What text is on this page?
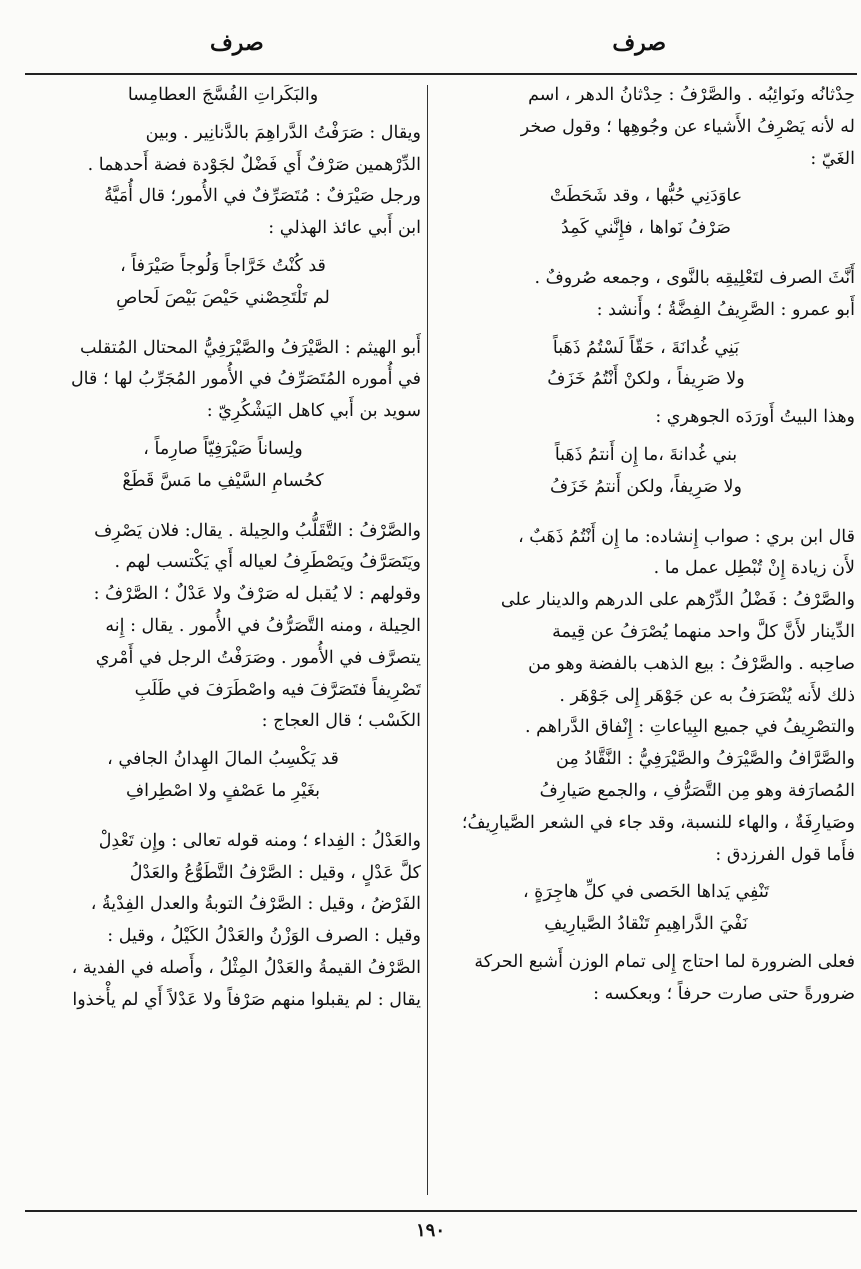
صرف
صرف

حِدْثانُه ونَوائِبُه . والصَّرْفُ : حِدْثانُ الدهر ، اسم

له لأنه يَصْرِفُ الأَشياء عن وجُوهِها ؛ وقول صخر

الغَيّ :

عاوَدَنِي حُبُّها ، وقد شَحَطَتْ

صَرْفُ نَواها ، فإِنَّني كَمِدُ

أَنَّثَ الصرف لتَعْلِيقِه بالنَّوى ، وجمعه صُروفٌ .

أَبو عمرو : الصَّرِيفُ الفِضَّةُ ؛ وأَنشد :

بَنِي غُدانَةَ ، حَقّاً لَسْتُمُ ذَهَباً

ولا صَرِيفاً ، ولكنْ أَنْتُمُ خَزَفُ

وهذا البيتُ أَورَدَه الجوهري :

بني غُدانةَ ،ما إِن أَنتمُ ذَهَباً

ولا صَرِيفاً، ولكن أَنتمُ خَزَفُ

قال ابن بري : صواب إِنشاده: ما إِن أَنْتُمُ ذَهَبٌ ،

لأَن زيادة إِنْ تُبْطِل عمل ما .

والصَّرْفُ : فَضْلُ الدِّرْهم على الدرهم والدينار على

الدِّينار لأَنَّ كلَّ واحد منهما يُصْرَفُ عن قِيمة

صاحِبه . والصَّرْفُ : بيع الذهب بالفضة وهو من

ذلك لأَنه يُنْصَرَفُ به عن جَوْهَر إِلى جَوْهَر .

والتصْرِيفُ في جميع البِياعاتِ : إِنْفاق الدَّراهم .

والصَّرَّافُ والصَّيْرَفُ والصَّيْرَفِيُّ : النَّقَّادُ مِن

المُصارَفة وهو مِن التَّصَرُّفِ ، والجمع صَيارِفُ

وصَيارِفَةٌ ، والهاء للنسبة، وقد جاء في الشعر الصَّيارِيفُ؛

فأَما قول الفرزدق :

تَنْفِي يَداها الحَصى في كلِّ هاجِرَةٍ ،

نَفْيَ الدَّراهِيمِ تَنْقادُ الصَّيارِيفِ

فعلى الضرورة لما احتاج إِلى تمام الوزن أَشبع الحركة

ضرورةً حتى صارت حرفاً ؛ وبعكسه :

والبَكَراتِ الفُسَّجَ العطامِسا

ويقال : صَرَفْتُ الدَّراهِمَ بالدَّنانِير . وبين

الدِّرْهمين صَرْفٌ أَي فَضْلٌ لجَوْدة فضة أَحدهما .

ورجل صَيْرَفٌ : مُتَصَرِّفٌ في الأُمور؛ قال أُمَيَّةُ

ابن أَبي عائذ الهذلي :

قد كُنْتُ خَرَّاجاً وَلُوجاً صَيْرَفاً ،

لم تَلْتَحِصْني حَيْصَ بَيْصَ لَحاصِ

أَبو الهيثم : الصَّيْرَفُ والصَّيْرَفِيُّ المحتال المُتقلب

في أُموره المُتَصَرِّفُ في الأُمور المُجَرِّبُ لها ؛ قال

سويد بن أَبي كاهل اليَشْكُرِيّ :

ولِساناً صَيْرَفِيّاً صارِماً ،

كحُسامِ السَّيْفِ ما مَسَّ قَطَعْ

والصَّرْفُ : التَّقَلُّبُ والحِيلة . يقال: فلان يَصْرِف

ويَتَصَرَّفُ ويَصْطَرِفُ لعياله أَي يَكْتسب لهم .

وقولهم : لا يُقبل له صَرْفٌ ولا عَدْلٌ ؛ الصَّرْفُ :

الحِيلة ، ومنه التَّصَرُّفُ في الأُمور . يقال : إِنه

يتصرَّف في الأُمور . وصَرَفْتُ الرجل في أَمْري

تَصْرِيفاً فتَصَرَّفَ فيه واصْطَرَفَ في طَلَبِ

الكَسْب ؛ قال العجاج :

قد يَكْسِبُ المالَ الهِدانُ الجافي ،

بغَيْرِ ما عَصْفٍ ولا اصْطِرافِ

والعَدْلُ : الفِداء ؛ ومنه قوله تعالى : وإِن تَعْدِلْ

كلَّ عَدْلٍ ، وقيل : الصَّرْفُ التَّطَوُّعُ والعَدْلُ

الفَرْضُ ، وقيل : الصَّرْفُ التوبةُ والعدل الفِدْيةُ ،

وقيل : الصرف الوَزْنُ والعَدْلُ الكَيْلُ ، وقيل :

الصَّرْفُ القيمةُ والعَدْلُ المِثْلُ ، وأَصله في الفدية ،

يقال : لم يقبلوا منهم صَرْفاً ولا عَدْلاً أَي لم يأْخذوا

١٩٠
